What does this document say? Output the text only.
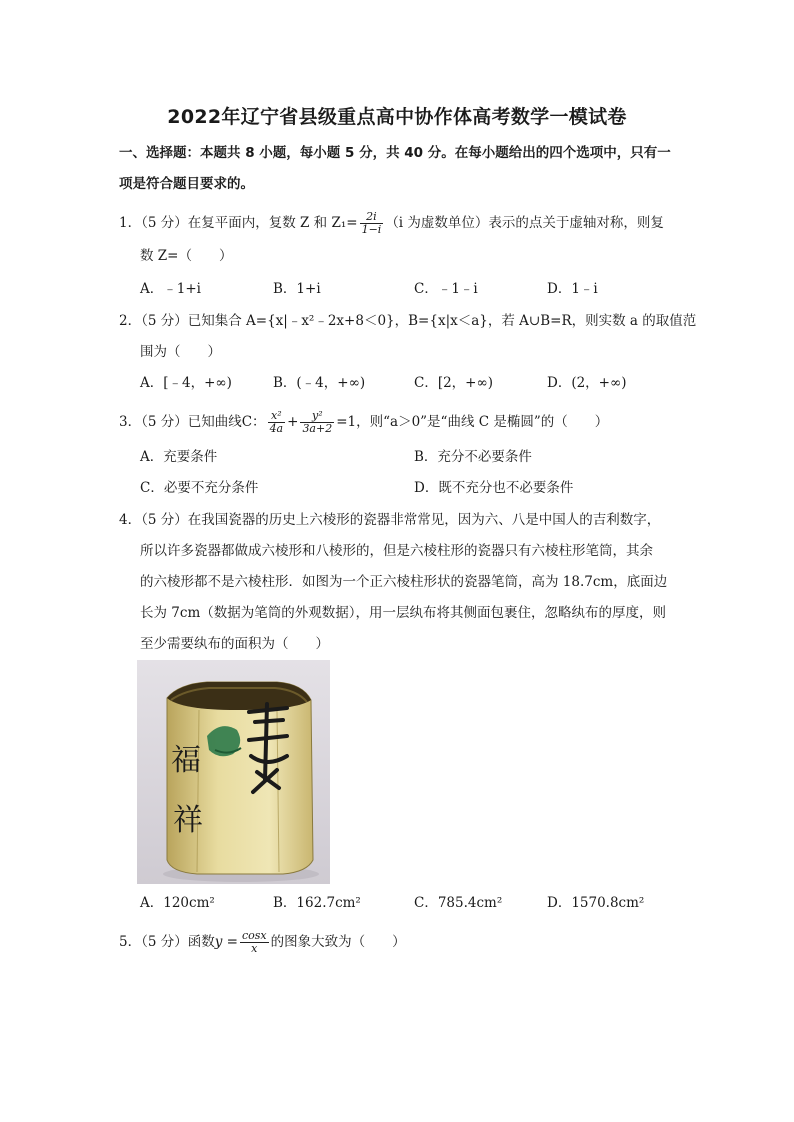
2022年辽宁省县级重点高中协作体高考数学一模试卷
一、选择题：本题共 8 小题，每小题 5 分，共 40 分。在每小题给出的四个选项中，只有一项是符合题目要求的。
1．（5 分）在复平面内，复数 Z 和 $Z_1= \frac{2i}{1-i} (i$ 为虚数单位）表示的点关于虚轴对称，则复
数 Z=（　　）
A．﹣1+i	B．1+i	C．﹣1﹣i	D．1﹣i
2．（5 分）已知集合 A={x|﹣x²﹣2x+8＜0}，B={x|x＜a}，若 A∪B=R，则实数 a 的取值范
围为（　　）
A．[﹣4，+∞)	B．(﹣4，+∞)	C．[2，+∞)	D．(2，+∞)
3．（5 分）已知曲线C： $\frac{\text{x²}}{4a} + \frac{\text{y²}}{3a+2} =1$，则“a＞0”是“曲线 C 是椭圆”的（　　）
A．充要条件	B．充分不必要条件
C．必要不充分条件	D．既不充分也不必要条件
4．（5 分）在我国瓷器的历史上六棱形的瓷器非常常见，因为六、八是中国人的吉利数字，
所以许多瓷器都做成六棱形和八棱形的，但是六棱柱形的瓷器只有六棱柱形笔筒，其余
的六棱形都不是六棱柱形．如图为一个正六棱柱形状的瓷器笔筒，高为 18.7cm，底面边
长为 7cm（数据为笔筒的外观数据），用一层纨布将其侧面包裹住，忽略纨布的厚度，则
至少需要纨布的面积为（　　）
福
祥
A．120cm²	B．162.7cm²	C．785.4cm²	D．1570.8cm²
5．（5 分）函数$y = \frac{\cos x}{x}$ 的图象大致为（　　）
